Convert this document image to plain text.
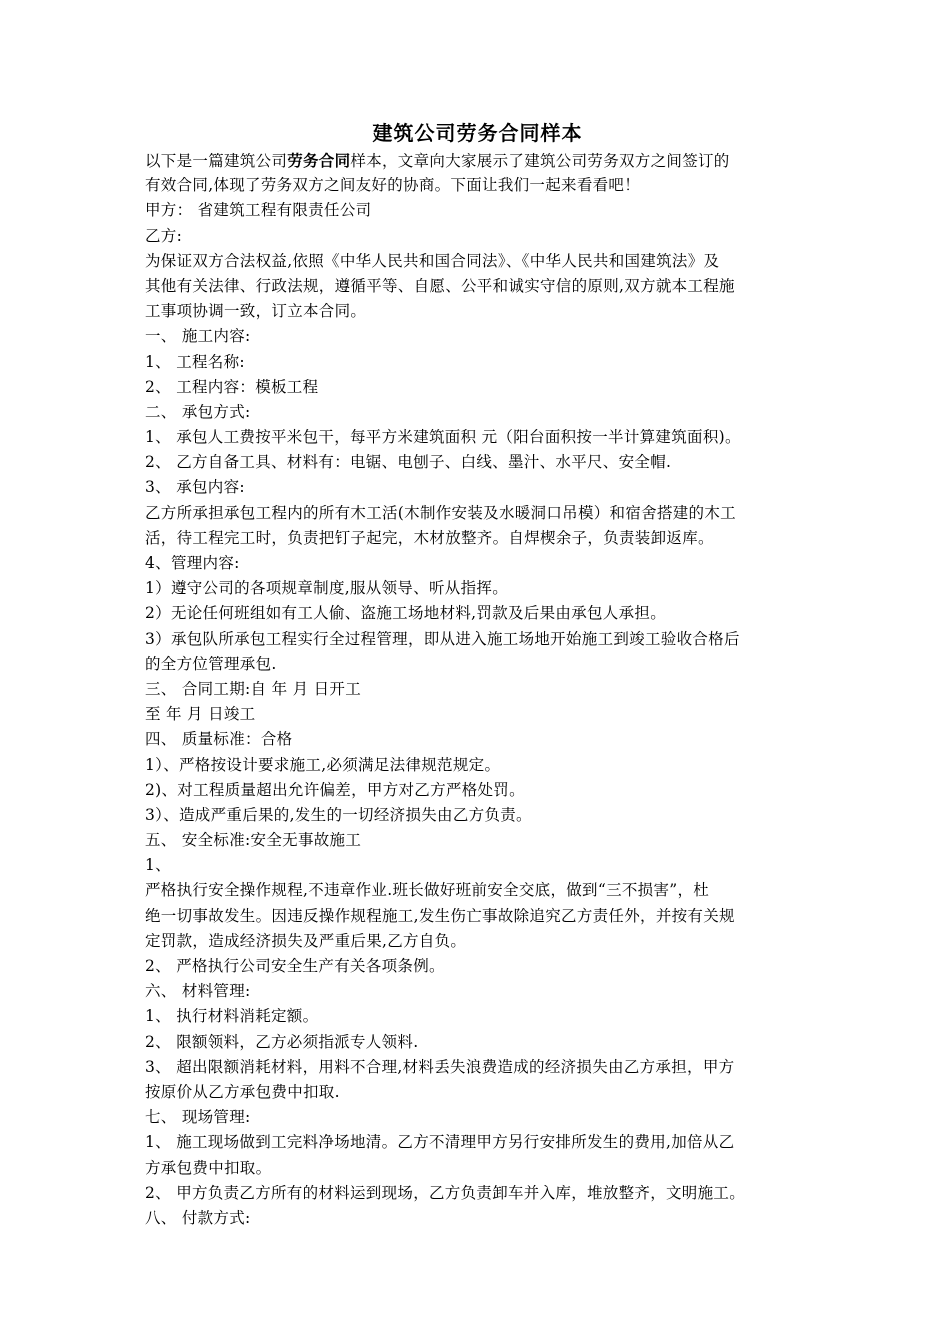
建筑公司劳务合同样本
以下是一篇建筑公司劳务合同样本，文章向大家展示了建筑公司劳务双方之间签订的
有效合同,体现了劳务双方之间友好的协商。下面让我们一起来看看吧！
甲方： 省建筑工程有限责任公司
乙方:
为保证双方合法权益,依照《中华人民共和国合同法》、《中华人民共和国建筑法》及
其他有关法律、行政法规，遵循平等、自愿、公平和诚实守信的原则,双方就本工程施
工事项协调一致，订立本合同。
一、 施工内容:
1、 工程名称:
2、 工程内容：模板工程
二、 承包方式:
1、 承包人工费按平米包干，每平方米建筑面积 元（阳台面积按一半计算建筑面积)。
2、 乙方自备工具、材料有：电锯、电刨子、白线、墨汁、水平尺、安全帽.
3、 承包内容:
乙方所承担承包工程内的所有木工活(木制作安装及水暖洞口吊模）和宿舍搭建的木工
活，待工程完工时，负责把钉子起完，木材放整齐。自焊楔余子，负责装卸返库。
4、管理内容:
1）遵守公司的各项规章制度,服从领导、听从指挥。
2）无论任何班组如有工人偷、盗施工场地材料,罚款及后果由承包人承担。
3）承包队所承包工程实行全过程管理，即从进入施工场地开始施工到竣工验收合格后
的全方位管理承包.
三、 合同工期:自 年 月 日开工
至 年 月 日竣工
四、 质量标准：合格
1）、严格按设计要求施工,必须满足法律规范规定。
2)、对工程质量超出允许偏差，甲方对乙方严格处罚。
3）、造成严重后果的,发生的一切经济损失由乙方负责。
五、 安全标准:安全无事故施工
1、
严格执行安全操作规程,不违章作业.班长做好班前安全交底，做到“三不损害”，杜
绝一切事故发生。因违反操作规程施工,发生伤亡事故除追究乙方责任外，并按有关规
定罚款，造成经济损失及严重后果,乙方自负。
2、 严格执行公司安全生产有关各项条例。
六、 材料管理:
1、 执行材料消耗定额。
2、 限额领料，乙方必须指派专人领料.
3、 超出限额消耗材料，用料不合理,材料丢失浪费造成的经济损失由乙方承担，甲方
按原价从乙方承包费中扣取.
七、 现场管理:
1、 施工现场做到工完料净场地清。乙方不清理甲方另行安排所发生的费用,加倍从乙
方承包费中扣取。
2、 甲方负责乙方所有的材料运到现场，乙方负责卸车并入库，堆放整齐，文明施工。
八、 付款方式:
